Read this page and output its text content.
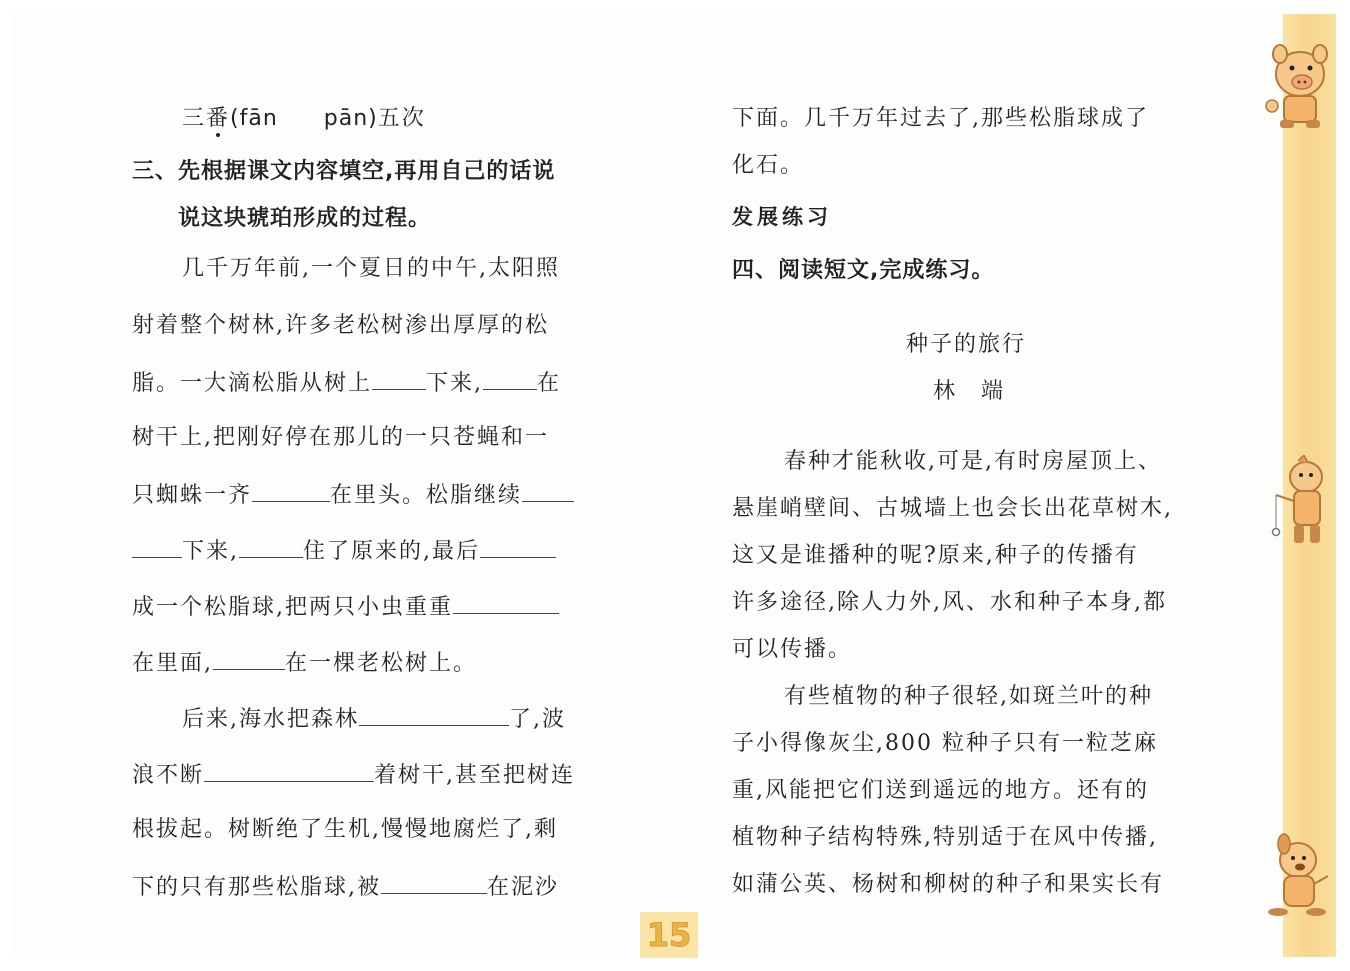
三番(fān　　pān)五次
三、先根据课文内容填空,再用自己的话说
说这块琥珀形成的过程。
几千万年前,一个夏日的中午,太阳照
射着整个树林,许多老松树渗出厚厚的松
脂。一大滴松脂从树上 下来, 在
树干上,把刚好停在那儿的一只苍蝇和一
只蜘蛛一齐	在里头。松脂继续
下来,	住了原来的,最后
成一个松脂球,把两只小虫重重
在里面,	在一棵老松树上。
后来,海水把森林	了,波
浪不断	着树干,甚至把树连
根拔起。树断绝了生机,慢慢地腐烂了,剩
下的只有那些松脂球,被	在泥沙
下面。几千万年过去了,那些松脂球成了
化石。
发展练习
四、阅读短文,完成练习。
种子的旅行
林　端
春种才能秋收,可是,有时房屋顶上、
悬崖峭壁间、古城墙上也会长出花草树木,
这又是谁播种的呢?原来,种子的传播有
许多途径,除人力外,风、水和种子本身,都
可以传播。
有些植物的种子很轻,如斑兰叶的种
子小得像灰尘,800 粒种子只有一粒芝麻
重,风能把它们送到遥远的地方。还有的
植物种子结构特殊,特别适于在风中传播,
如蒲公英、杨树和柳树的种子和果实长有
15
